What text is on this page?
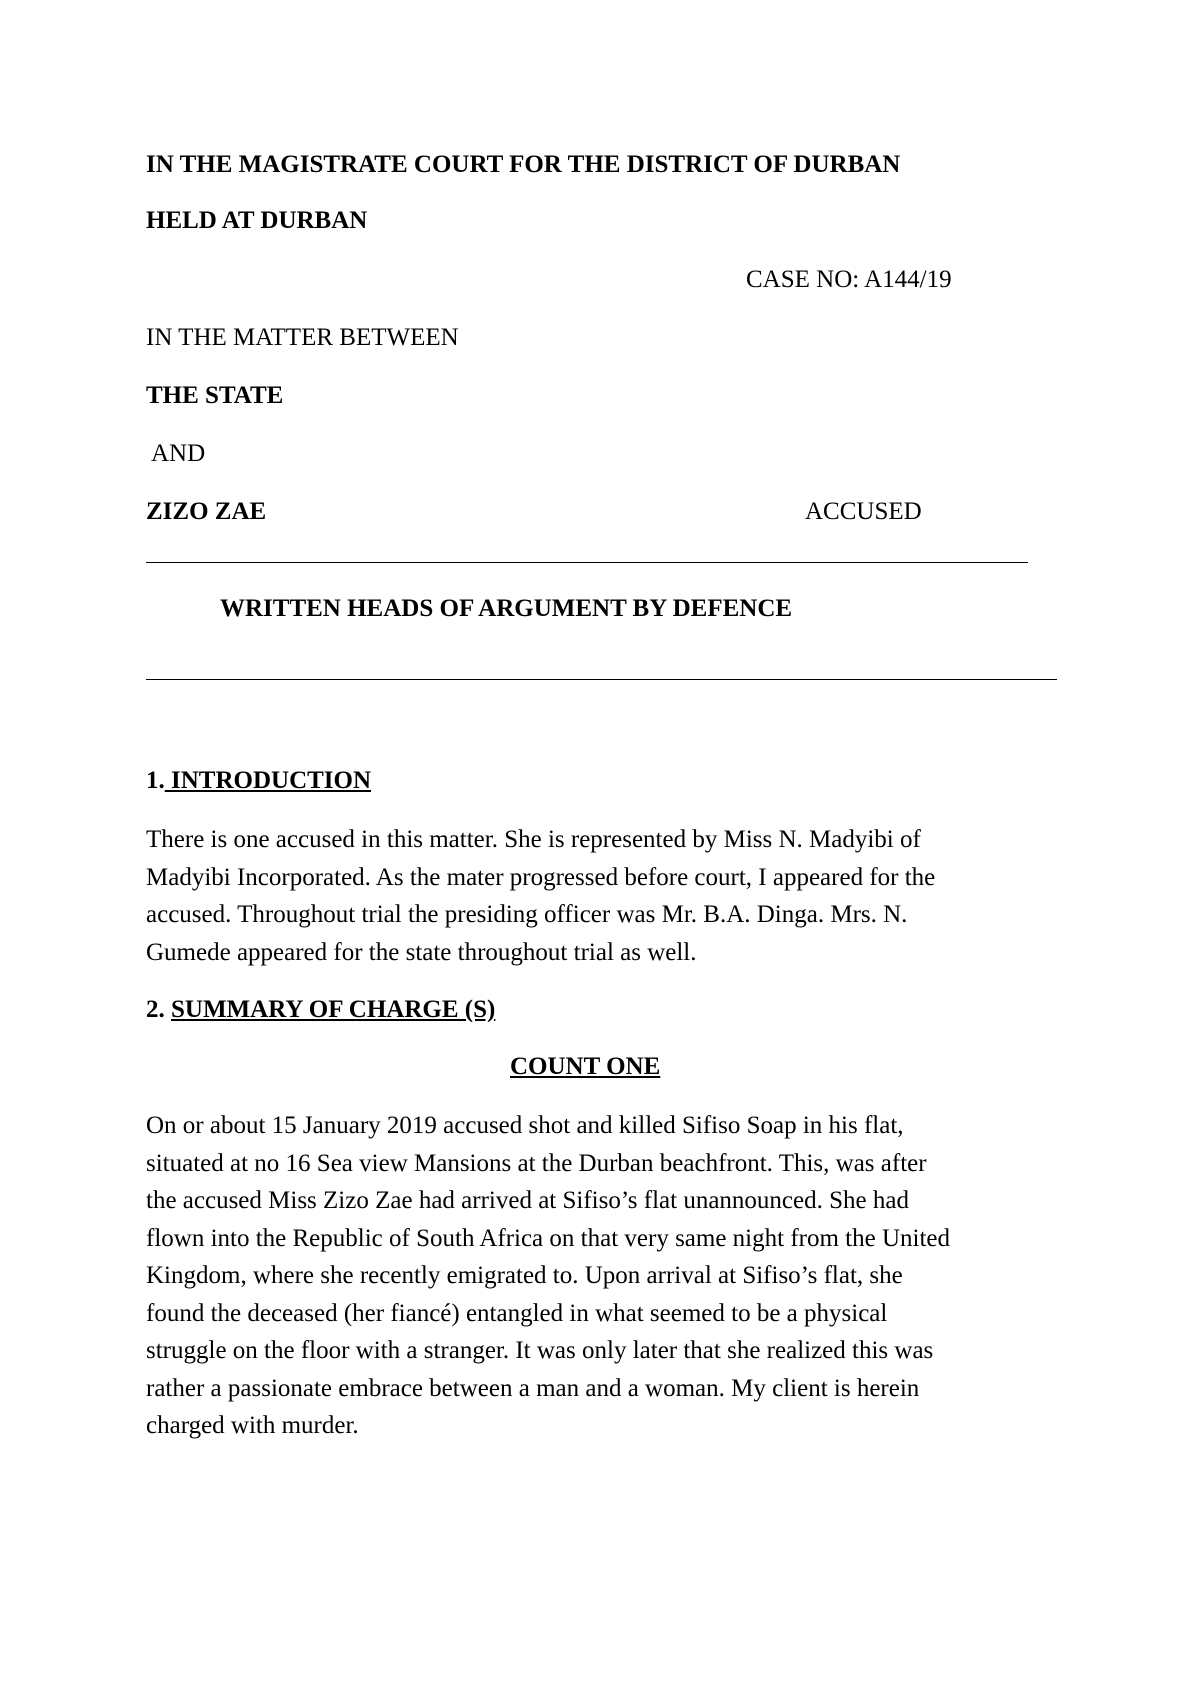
IN THE MAGISTRATE COURT FOR THE DISTRICT OF DURBAN
HELD AT DURBAN
CASE NO: A144/19
IN THE MATTER BETWEEN
THE STATE
AND
ZIZO ZAE	ACCUSED
WRITTEN HEADS OF ARGUMENT BY DEFENCE
1. INTRODUCTION
There is one accused in this matter. She is represented by Miss N. Madyibi of
Madyibi Incorporated. As the mater progressed before court, I appeared for the
accused. Throughout trial the presiding officer was Mr. B.A. Dinga. Mrs. N.
Gumede appeared for the state throughout trial as well.
2. SUMMARY OF CHARGE (S)
COUNT ONE
On or about 15 January 2019 accused shot and killed Sifiso Soap in his flat,
situated at no 16 Sea view Mansions at the Durban beachfront. This, was after
the accused Miss Zizo Zae had arrived at Sifiso’s flat unannounced. She had
flown into the Republic of South Africa on that very same night from the United
Kingdom, where she recently emigrated to. Upon arrival at Sifiso’s flat, she
found the deceased (her fiancé) entangled in what seemed to be a physical
struggle on the floor with a stranger. It was only later that she realized this was
rather a passionate embrace between a man and a woman. My client is herein
charged with murder.
